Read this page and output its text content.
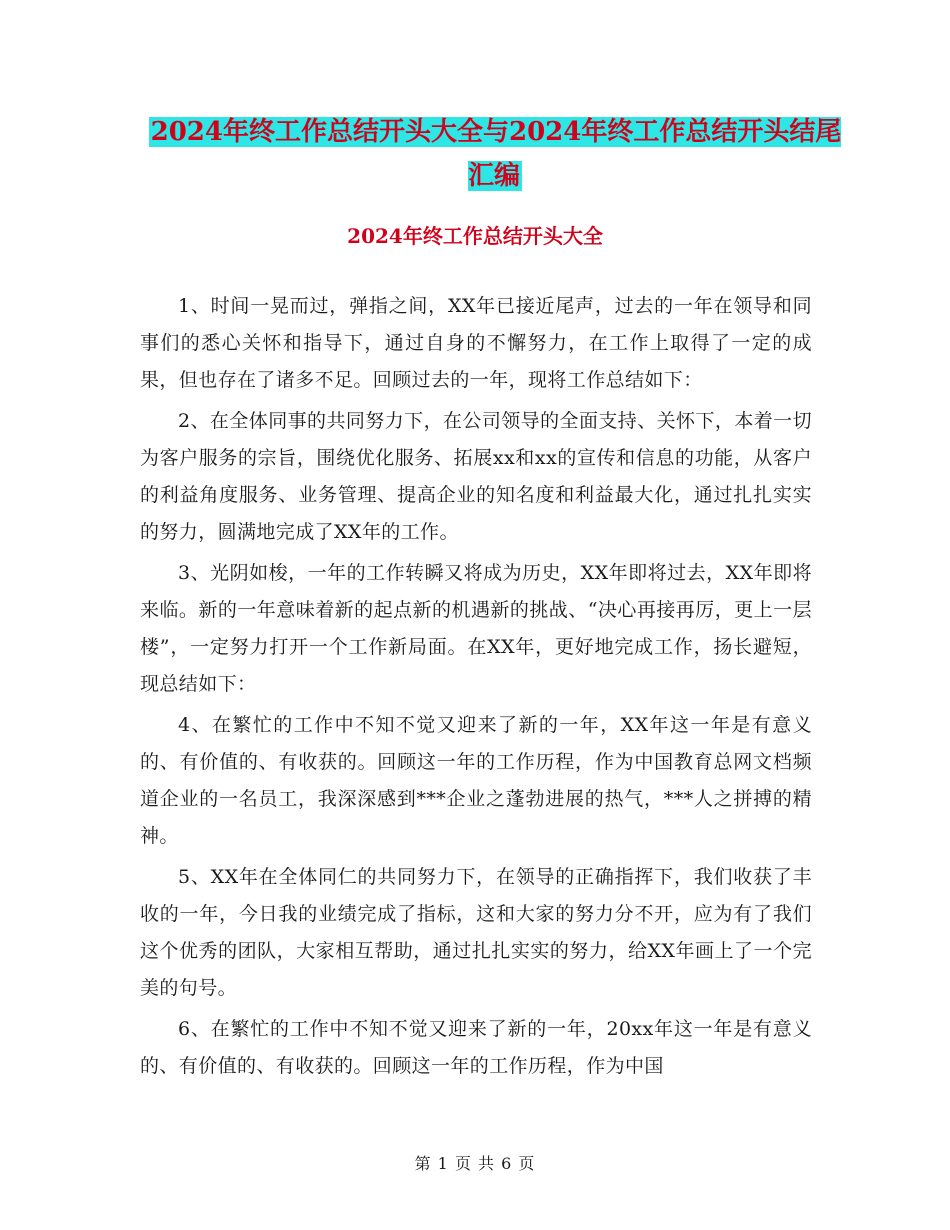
2024年终工作总结开头大全与2024年终工作总结开头结尾汇编
2024年终工作总结开头大全

1、时间一晃而过，弹指之间，XX年已接近尾声，过去的一年在领导和同事们的悉心关怀和指导下，通过自身的不懈努力，在工作上取得了一定的成果，但也存在了诸多不足。回顾过去的一年，现将工作总结如下：

2、在全体同事的共同努力下，在公司领导的全面支持、关怀下，本着一切为客户服务的宗旨，围绕优化服务、拓展xx和xx的宣传和信息的功能，从客户的利益角度服务、业务管理、提高企业的知名度和利益最大化，通过扎扎实实的努力，圆满地完成了XX年的工作。

3、光阴如梭，一年的工作转瞬又将成为历史，XX年即将过去，XX年即将来临。新的一年意味着新的起点新的机遇新的挑战、“决心再接再厉，更上一层楼”，一定努力打开一个工作新局面。在XX年，更好地完成工作，扬长避短，现总结如下：

4、在繁忙的工作中不知不觉又迎来了新的一年，XX年这一年是有意义的、有价值的、有收获的。回顾这一年的工作历程，作为中国教育总网文档频道企业的一名员工，我深深感到***企业之蓬勃进展的热气，***人之拼搏的精神。

5、XX年在全体同仁的共同努力下，在领导的正确指挥下，我们收获了丰收的一年，今日我的业绩完成了指标，这和大家的努力分不开，应为有了我们这个优秀的团队，大家相互帮助，通过扎扎实实的努力，给XX年画上了一个完美的句号。

6、在繁忙的工作中不知不觉又迎来了新的一年，20xx年这一年是有意义的、有价值的、有收获的。回顾这一年的工作历程，作为中国

第 1 页 共 6 页
